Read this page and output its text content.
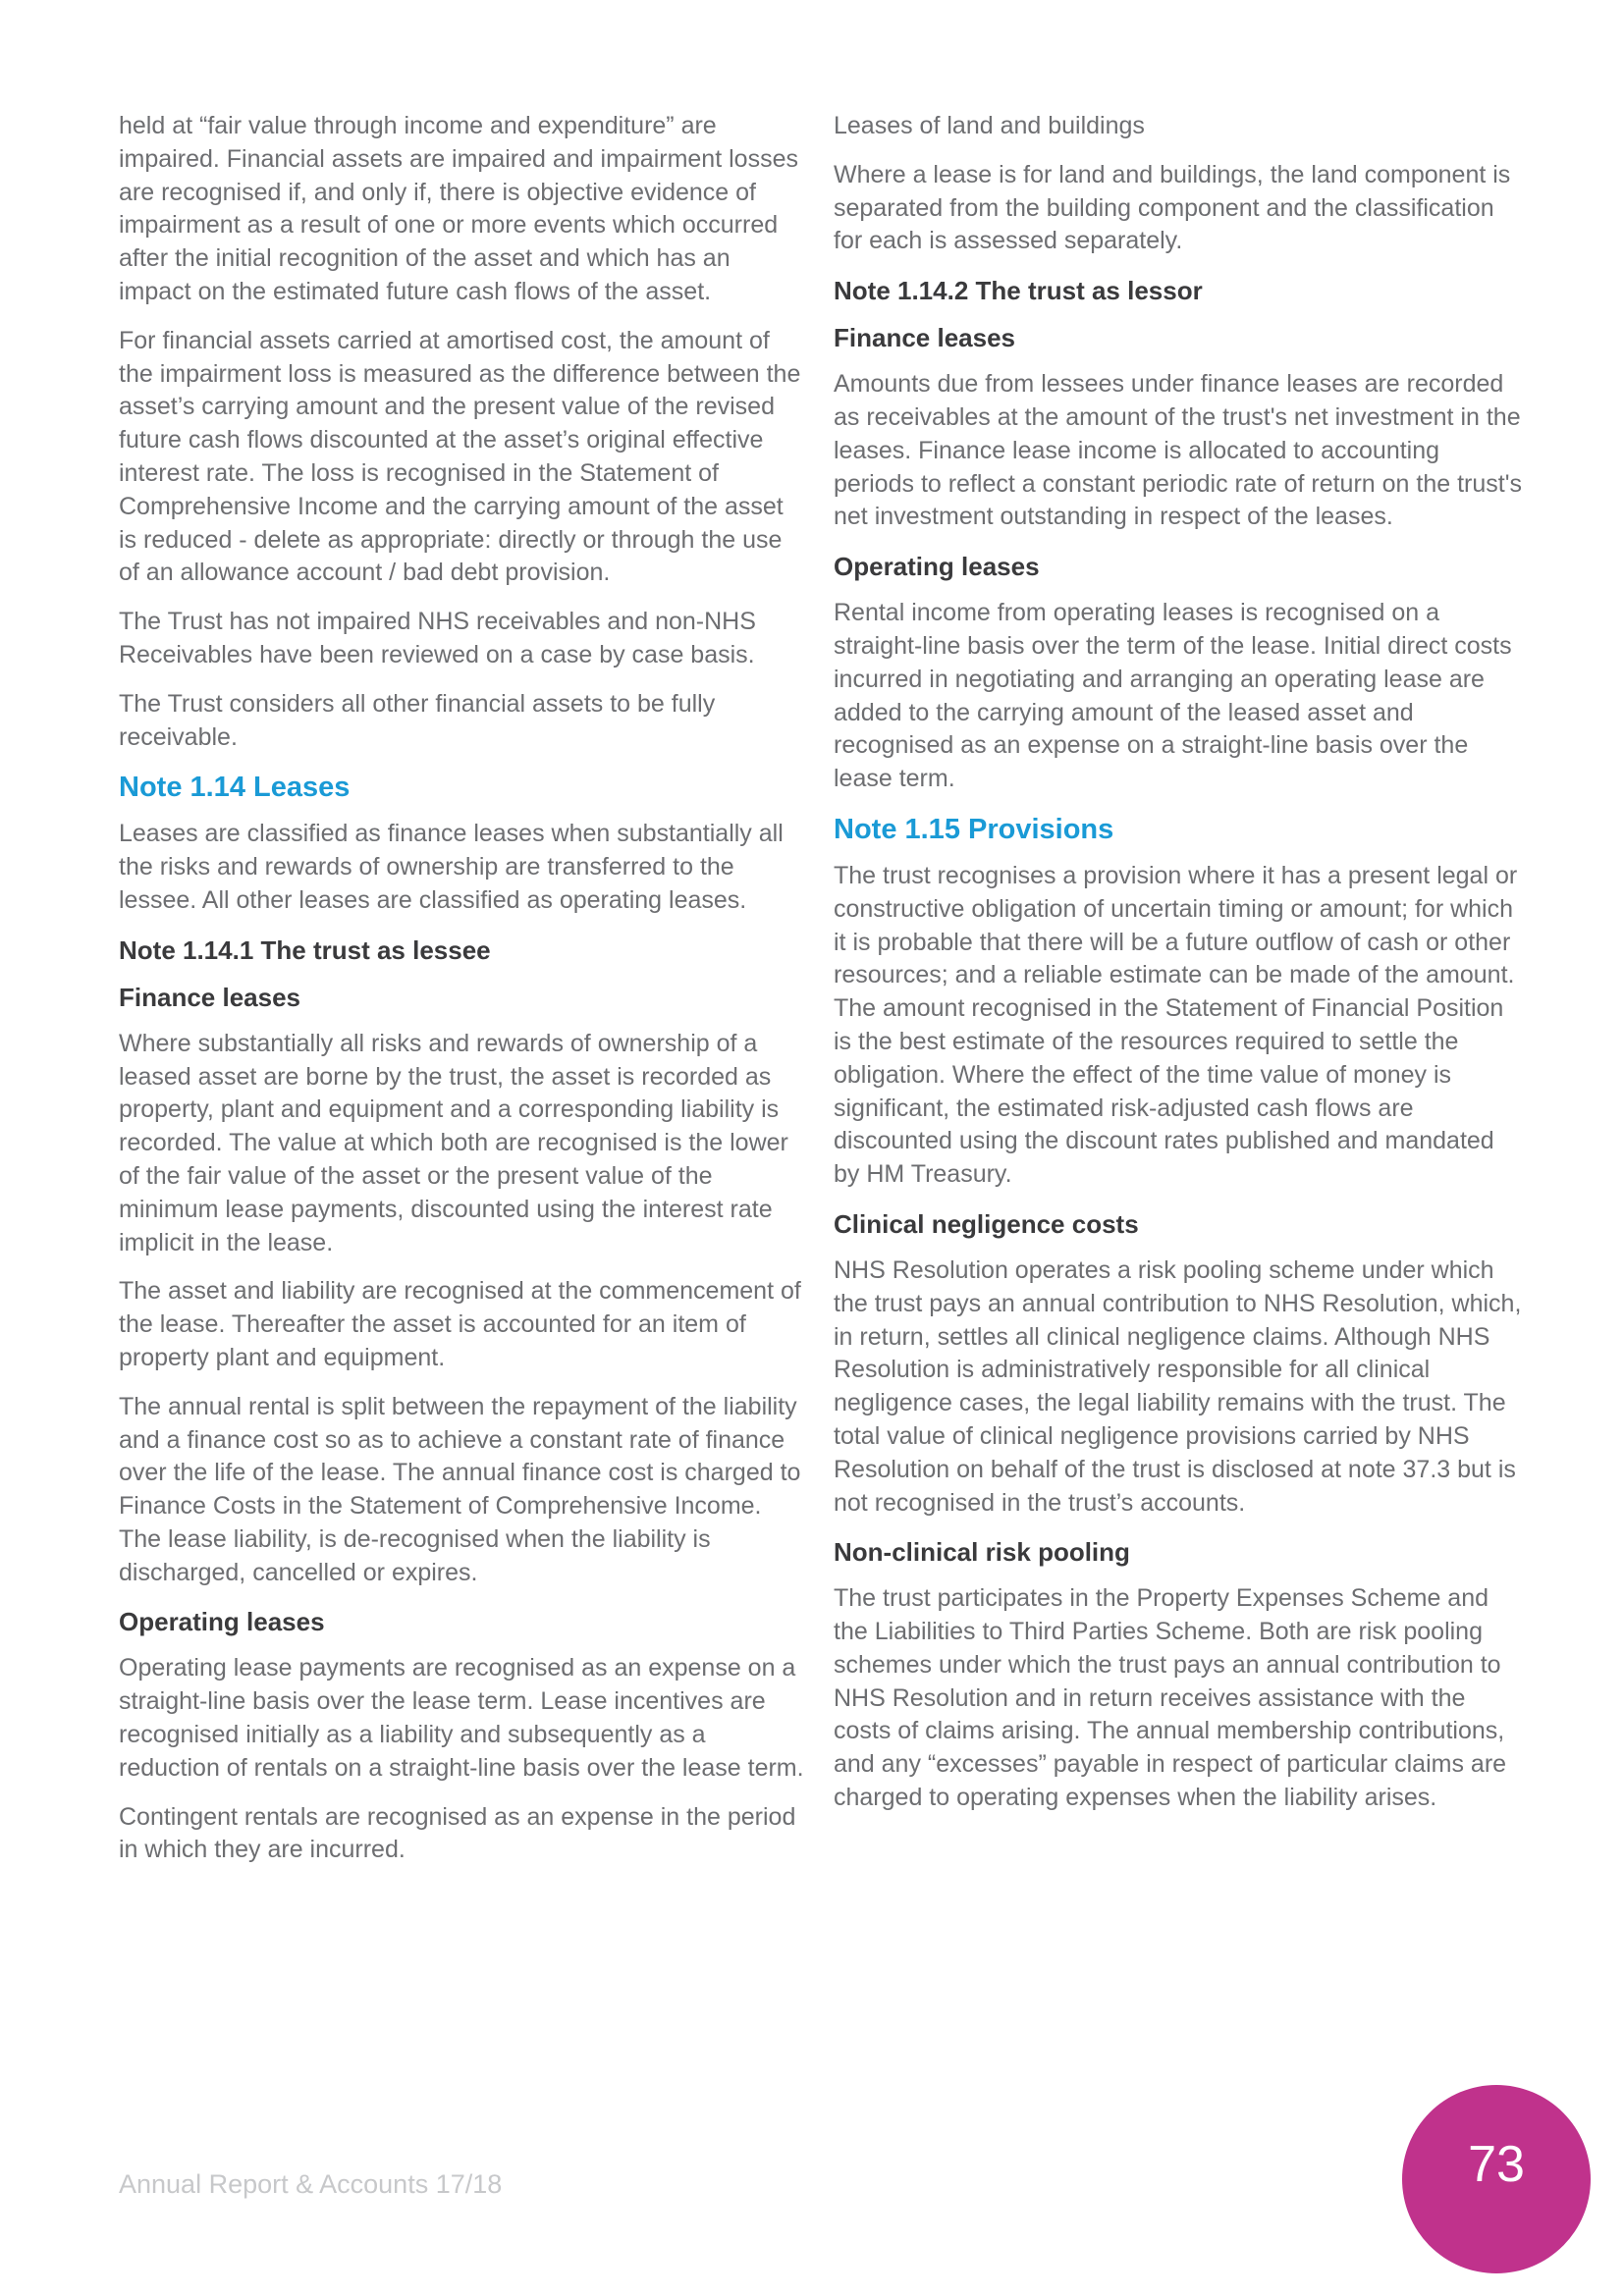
held at “fair value through income and expenditure” are impaired. Financial assets are impaired and impairment losses are recognised if, and only if, there is objective evidence of impairment as a result of one or more events which occurred after the initial recognition of the asset and which has an impact on the estimated future cash flows of the asset.

For financial assets carried at amortised cost, the amount of the impairment loss is measured as the difference between the asset’s carrying amount and the present value of the revised future cash flows discounted at the asset’s original effective interest rate. The loss is recognised in the Statement of Comprehensive Income and the carrying amount of the asset is reduced - delete as appropriate: directly or through the use of an allowance account / bad debt provision.

The Trust has not impaired NHS receivables and non-NHS Receivables have been reviewed on a case by case basis.

The Trust considers all other financial assets to be fully receivable.

Note 1.14 Leases

Leases are classified as finance leases when substantially all the risks and rewards of ownership are transferred to the lessee. All other leases are classified as operating leases.

Note 1.14.1 The trust as lessee
Finance leases

Where substantially all risks and rewards of ownership of a leased asset are borne by the trust, the asset is recorded as property, plant and equipment and a corresponding liability is recorded. The value at which both are recognised is the lower of the fair value of the asset or the present value of the minimum lease payments, discounted using the interest rate implicit in the lease.

The asset and liability are recognised at the commencement of the lease. Thereafter the asset is accounted for an item of property plant and equipment.

The annual rental is split between the repayment of the liability and a finance cost so as to achieve a constant rate of finance over the life of the lease. The annual finance cost is charged to Finance Costs in the Statement of Comprehensive Income. The lease liability, is de-recognised when the liability is discharged, cancelled or expires.

Operating leases

Operating lease payments are recognised as an expense on a straight-line basis over the lease term. Lease incentives are recognised initially as a liability and subsequently as a reduction of rentals on a straight-line basis over the lease term.

Contingent rentals are recognised as an expense in the period in which they are incurred.

Leases of land and buildings

Where a lease is for land and buildings, the land component is separated from the building component and the classification for each is assessed separately.

Note 1.14.2 The trust as lessor
Finance leases

Amounts due from lessees under finance leases are recorded as receivables at the amount of the trust's net investment in the leases. Finance lease income is allocated to accounting periods to reflect a constant periodic rate of return on the trust's net investment outstanding in respect of the leases.

Operating leases

Rental income from operating leases is recognised on a straight-line basis over the term of the lease. Initial direct costs incurred in negotiating and arranging an operating lease are added to the carrying amount of the leased asset and recognised as an expense on a straight-line basis over the lease term.

Note 1.15 Provisions

The trust recognises a provision where it has a present legal or constructive obligation of uncertain timing or amount; for which it is probable that there will be a future outflow of cash or other resources; and a reliable estimate can be made of the amount. The amount recognised in the Statement of Financial Position is the best estimate of the resources required to settle the obligation. Where the effect of the time value of money is significant, the estimated risk-adjusted cash flows are discounted using the discount rates published and mandated by HM Treasury.

Clinical negligence costs

NHS Resolution operates a risk pooling scheme under which the trust pays an annual contribution to NHS Resolution, which, in return, settles all clinical negligence claims. Although NHS Resolution is administratively responsible for all clinical negligence cases, the legal liability remains with the trust. The total value of clinical negligence provisions carried by NHS Resolution on behalf of the trust is disclosed at note 37.3 but is not recognised in the trust’s accounts.

Non-clinical risk pooling

The trust participates in the Property Expenses Scheme and the Liabilities to Third Parties Scheme. Both are risk pooling schemes under which the trust pays an annual contribution to NHS Resolution and in return receives assistance with the costs of claims arising. The annual membership contributions, and any “excesses” payable in respect of particular claims are charged to operating expenses when the liability arises.

Annual Report & Accounts 17/18	73
